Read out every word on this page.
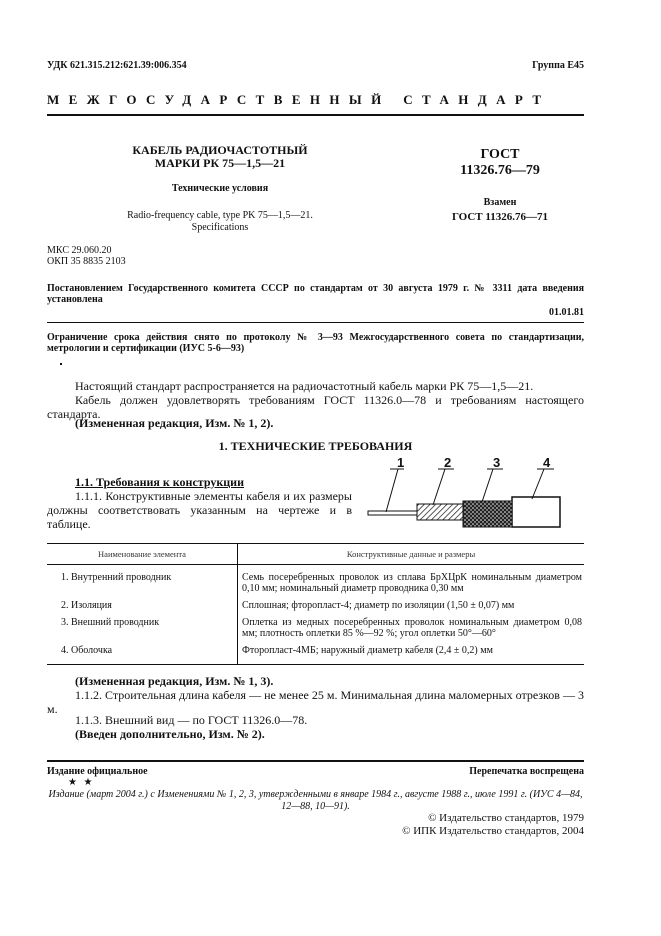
УДК 621.315.212:621.39:006.354	Группа Е45
МЕЖГОСУДАРСТВЕННЫЙ СТАНДАРТ
КАБЕЛЬ РАДИОЧАСТОТНЫЙ
МАРКИ РК 75—1,5—21
Технические условия
Radio-frequency cable, type PK 75—1,5—21.
Specifications
ГОСТ
11326.76—79
Взамен
ГОСТ 11326.76—71
МКС 29.060.20
ОКП 35 8835 2103
Постановлением Государственного комитета СССР по стандартам от 30 августа 1979 г. № 3311 дата введения установлена
01.01.81
Ограничение срока действия снято по протоколу № 3—93 Межгосударственного совета по стандартизации, метрологии и сертификации (ИУС 5-6—93)
Настоящий стандарт распространяется на радиочастотный кабель марки РК 75—1,5—21.
Кабель должен удовлетворять требованиям ГОСТ 11326.0—78 и требованиям настоящего стандарта.
(Измененная редакция, Изм. № 1, 2).
1. ТЕХНИЧЕСКИЕ ТРЕБОВАНИЯ
1.1. Требования к конструкции
1.1.1. Конструктивные элементы кабеля и их размеры должны соответствовать указанным на чертеже и в таблице.
1	2	3	4
Наименование элемента	Конструктивные данные и размеры
1. Внутренний проводник	Семь посеребренных проволок из сплава БрХЦрК номинальным диаметром 0,10 мм; номинальный диаметр проводника 0,30 мм
2. Изоляция	Сплошная; фторопласт-4; диаметр по изоляции (1,50 ± 0,07) мм
3. Внешний проводник	Оплетка из медных посеребренных проволок номинальным диаметром 0,08 мм; плотность оплетки 85 %—92 %; угол оплетки 50°—60°
4. Оболочка	Фторопласт-4МБ; наружный диаметр кабеля (2,4 ± 0,2) мм
(Измененная редакция, Изм. № 1, 3).
1.1.2. Строительная длина кабеля — не менее 25 м. Минимальная длина маломерных отрезков — 3 м.
1.1.3. Внешний вид — по ГОСТ 11326.0—78.
(Введен дополнительно, Изм. № 2).
Издание официальное	Перепечатка воспрещена
★ ★
Издание (март 2004 г.) с Изменениями № 1, 2, 3, утвержденными в январе 1984 г., августе 1988 г., июле 1991 г. (ИУС 4—84, 12—88, 10—91).
© Издательство стандартов, 1979
© ИПК Издательство стандартов, 2004
